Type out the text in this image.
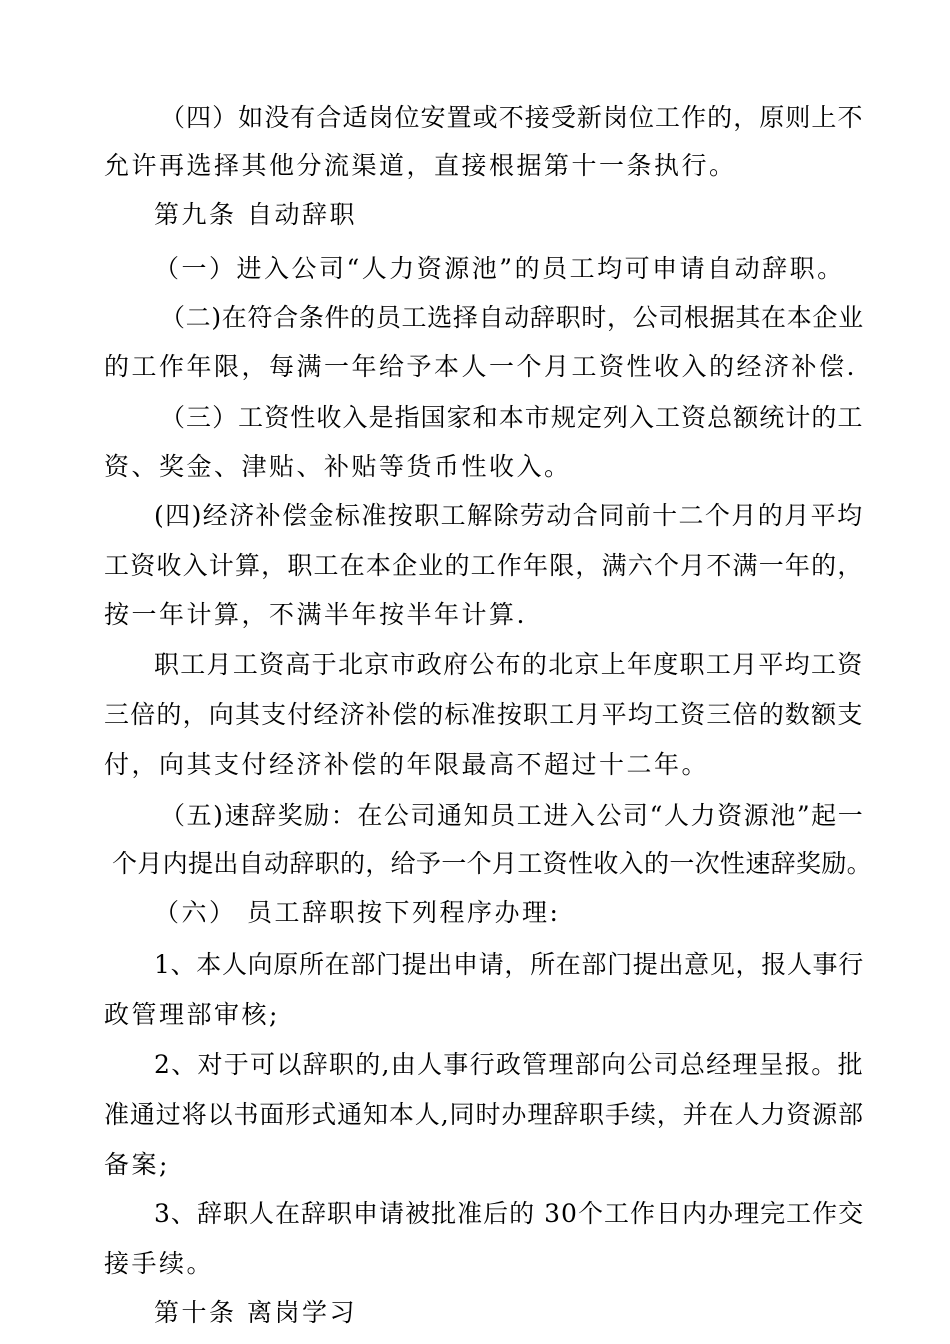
（四）如没有合适岗位安置或不接受新岗位工作的，原则上不
允许再选择其他分流渠道，直接根据第十一条执行。
第九条 自动辞职
（一）进入公司“人力资源池”的员工均可申请自动辞职。
（二)在符合条件的员工选择自动辞职时，公司根据其在本企业
的工作年限，每满一年给予本人一个月工资性收入的经济补偿.
（三）工资性收入是指国家和本市规定列入工资总额统计的工
资、奖金、津贴、补贴等货币性收入。
(四)经济补偿金标准按职工解除劳动合同前十二个月的月平均
工资收入计算，职工在本企业的工作年限，满六个月不满一年的，
按一年计算，不满半年按半年计算.
职工月工资高于北京市政府公布的北京上年度职工月平均工资
三倍的，向其支付经济补偿的标准按职工月平均工资三倍的数额支
付，向其支付经济补偿的年限最高不超过十二年。
（五)速辞奖励：在公司通知员工进入公司“人力资源池”起一
个月内提出自动辞职的，给予一个月工资性收入的一次性速辞奖励。
（六） 员工辞职按下列程序办理:
1、本人向原所在部门提出申请，所在部门提出意见，报人事行
政管理部审核;
2、对于可以辞职的,由人事行政管理部向公司总经理呈报。批
准通过将以书面形式通知本人,同时办理辞职手续，并在人力资源部
备案;
3、辞职人在辞职申请被批准后的 30个工作日内办理完工作交
接手续。
第十条 离岗学习
